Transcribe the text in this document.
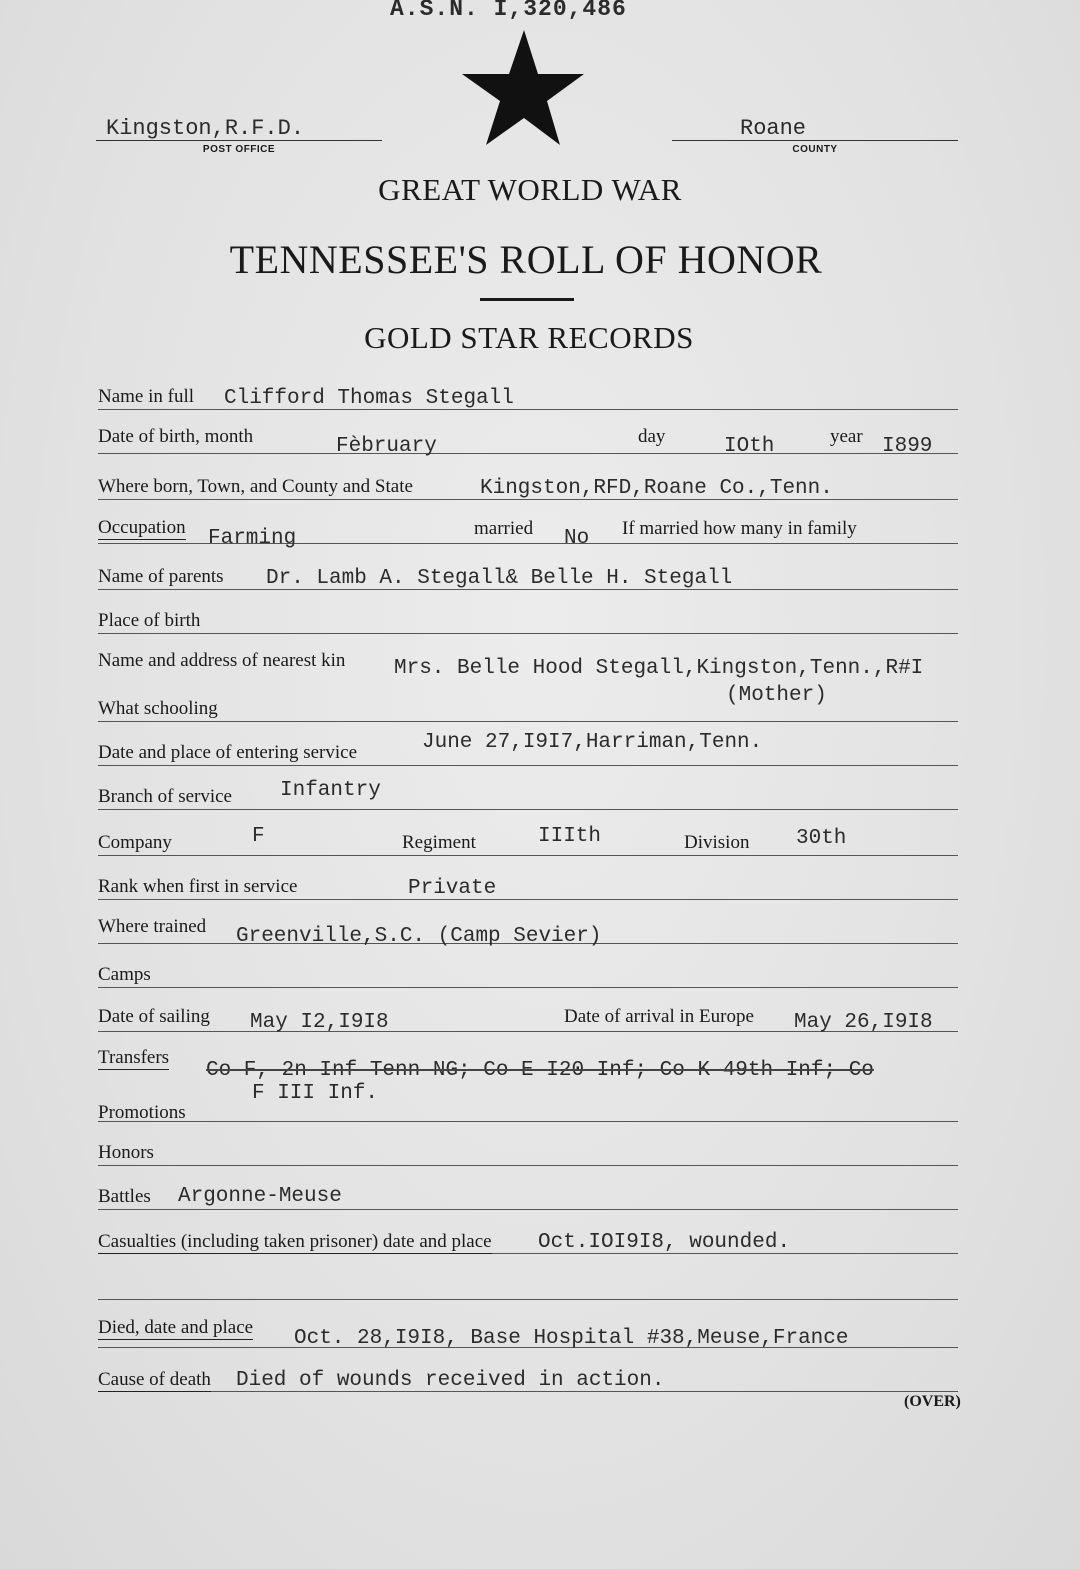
A.S.N. I,320,486
Kingston,R.F.D.
POST OFFICE
Roane
COUNTY
GREAT WORLD WAR
TENNESSEE'S ROLL OF HONOR
GOLD STAR RECORDS
Name in full Clifford Thomas Stegall
Date of birth, month	Fèbruary	day	IOth	year I899
Where born, Town, and County and State	Kingston,RFD,Roane Co.,Tenn.
Occupation Farming	married No If married how many in family
Name of parents Dr. Lamb A. Stegall& Belle H. Stegall
Place of birth
Name and address of nearest kin Mrs. Belle Hood Stegall,Kingston,Tenn.,R#I
(Mother)
What schooling
Date and place of entering service	June 27,I9I7,Harriman,Tenn.
Branch of service Infantry
Company	F	Regiment	IIIth	Division 30th
Rank when first in service	Private
Where trained Greenville,S.C. (Camp Sevier)
Camps
Date of sailing May I2,I9I8	Date of arrival in Europe May 26,I9I8
Transfers
Co F, 2n Inf Tenn NG; Co E I20 Inf; Co K 49th Inf; Co
F III Inf.
Promotions
Honors
Battles Argonne-Meuse
Casualties (including taken prisoner) date and place Oct.IOI9I8, wounded.
Died, date and place Oct. 28,I9I8, Base Hospital #38,Meuse,France
Cause of death Died of wounds received in action.
(OVER)
